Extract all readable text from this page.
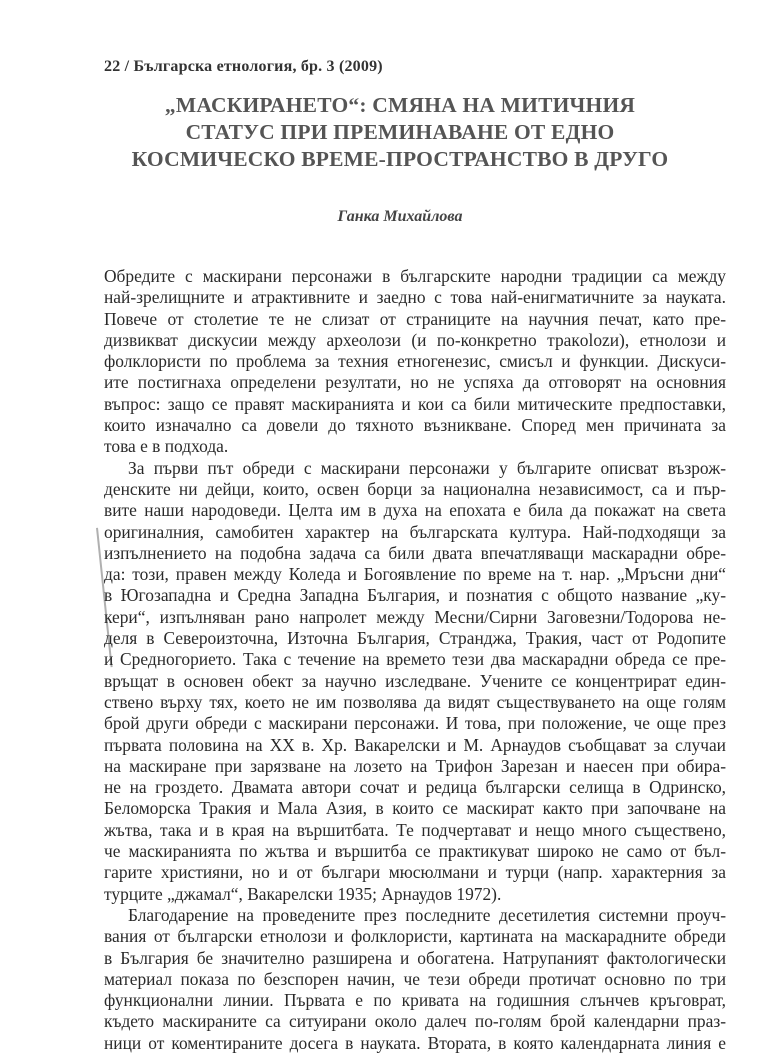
22 / Българска етнология, бр. 3 (2009)
„МАСКИРАНЕТО“: СМЯНА НА МИТИЧНИЯ
СТАТУС ПРИ ПРЕМИНАВАНЕ ОТ ЕДНО
КОСМИЧЕСКО ВРЕМЕ-ПРОСТРАНСТВО В ДРУГО
Ганка Михайлова
Обредите с маскирани персонажи в българските народни традиции са между
най-зрелищните и атрактивните и заедно с това най-енигматичните за науката.
Повече от столетие те не слизат от страниците на научния печат, като пре-
дизвикват дискусии между археолози (и по-конкретно тракolozи), етнолози и
фолклористи по проблема за техния етногенезис, смисъл и функции. Дискуси-
ите постигнаха определени резултати, но не успяха да отговорят на основния
въпрос: защо се правят маскиранията и кои са били митическите предпоставки,
които изначално са довели до тяхното възникване. Според мен причината за
това е в подхода.
За първи път обреди с маскирани персонажи у българите описват възрож-
денските ни дейци, които, освен борци за национална независимост, са и пър-
вите наши народоведи. Целта им в духа на епохата е била да покажат на света
оригиналния, самобитен характер на българската култура. Най-подходящи за
изпълнението на подобна задача са били двата впечатляващи маскарадни обре-
да: този, правен между Коледа и Богоявление по време на т. нар. „Мръсни дни“
в Югозападна и Средна Западна България, и познатия с общото название „ку-
кери“, изпълняван рано напролет между Месни/Сирни Заговезни/Тодорова не-
деля в Североизточна, Източна България, Странджа, Тракия, част от Родопите
и Средногорието. Така с течение на времето тези два маскарадни обреда се пре-
връщат в основен обект за научно изследване. Учените се концентрират един-
ствено върху тях, което не им позволява да видят съществуването на още голям
брой други обреди с маскирани персонажи. И това, при положение, че още през
първата половина на XX в. Хр. Вакарелски и М. Арнаудов съобщават за случаи
на маскиране при зарязване на лозето на Трифон Зарезан и наесен при обира-
не на гроздето. Двамата автори сочат и редица български селища в Одринско,
Беломорска Тракия и Мала Азия, в които се маскират както при започване на
жътва, така и в края на вършитбата. Те подчертават и нещо много съществено,
че маскиранията по жътва и вършитба се практикуват широко не само от бъл-
гарите християни, но и от българи мюсюлмани и турци (напр. характерния за
турците „джамал“, Вакарелски 1935; Арнаудов 1972).
Благодарение на проведените през последните десетилетия системни проуч-
вания от български етнолози и фолклористи, картината на маскарадните обреди
в България бе значително разширена и обогатена. Натрупаният фактологически
материал показа по безспорен начин, че тези обреди протичат основно по три
функционални линии. Първата е по кривата на годишния слънчев кръговрат,
където маскираните са ситуирани около далеч по-голям брой календарни праз-
ници от коментираните досега в науката. Втората, в която календарната линия е
